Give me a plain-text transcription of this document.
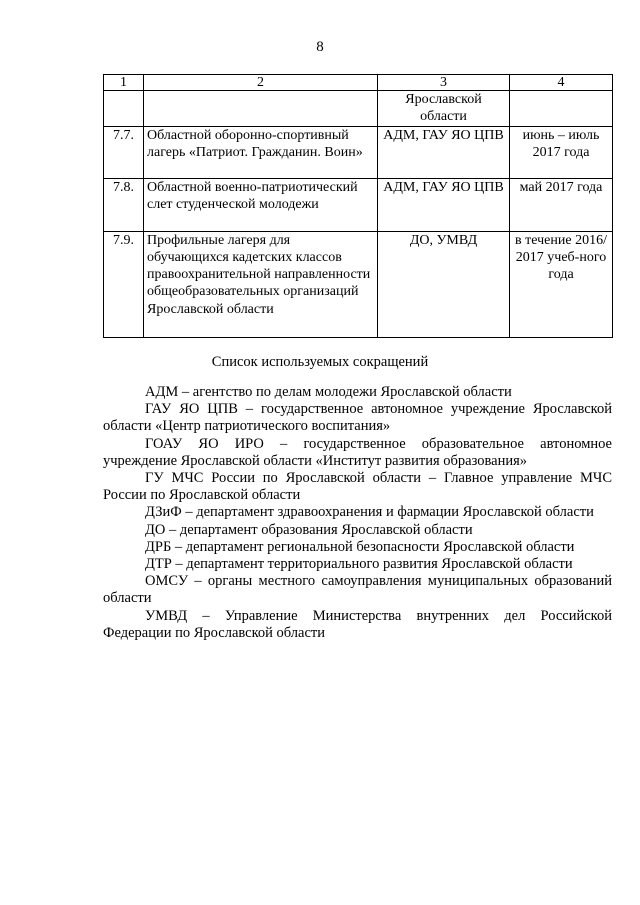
8
1	2	3	4
		Ярославской области	
7.7.	Областной оборонно-спортивный лагерь «Патриот. Гражданин. Воин»	АДМ, ГАУ ЯО ЦПВ	июнь – июль 2017 года
7.8.	Областной военно-патриотический слет студенческой молодежи	АДМ, ГАУ ЯО ЦПВ	май 2017 года
7.9.	Профильные лагеря для обучающихся кадетских классов правоохранительной направленности общеобразовательных организаций Ярославской области	ДО, УМВД	в течение 2016/ 2017 учеб-ного года
Список используемых сокращений

АДМ – агентство по делам молодежи Ярославской области

ГАУ ЯО ЦПВ – государственное автономное учреждение Ярославской области «Центр патриотического воспитания»

ГОАУ ЯО ИРО – государственное образовательное автономное учреждение Ярославской области «Институт развития образования»

ГУ МЧС России по Ярославской области – Главное управление МЧС России по Ярославской области

ДЗиФ – департамент здравоохранения и фармации Ярославской области

ДО – департамент образования Ярославской области

ДРБ – департамент региональной безопасности Ярославской области

ДТР – департамент территориального развития Ярославской области

ОМСУ – органы местного самоуправления муниципальных образований области

УМВД – Управление Министерства внутренних дел Российской Федерации по Ярославской области
